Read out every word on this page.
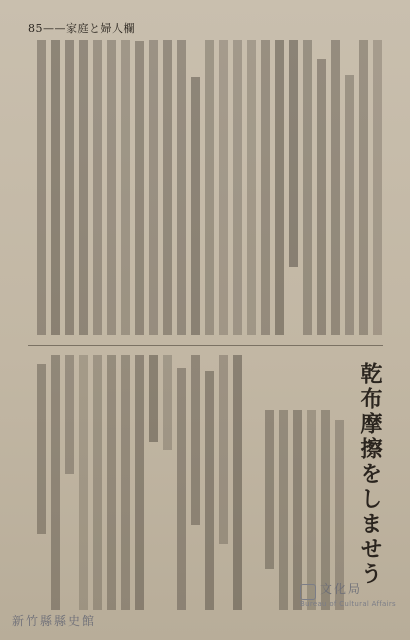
85——家庭と婦人欄
乾布摩擦をしませう
文化局
Bureau of Cultural Affairs
新竹縣縣史館
